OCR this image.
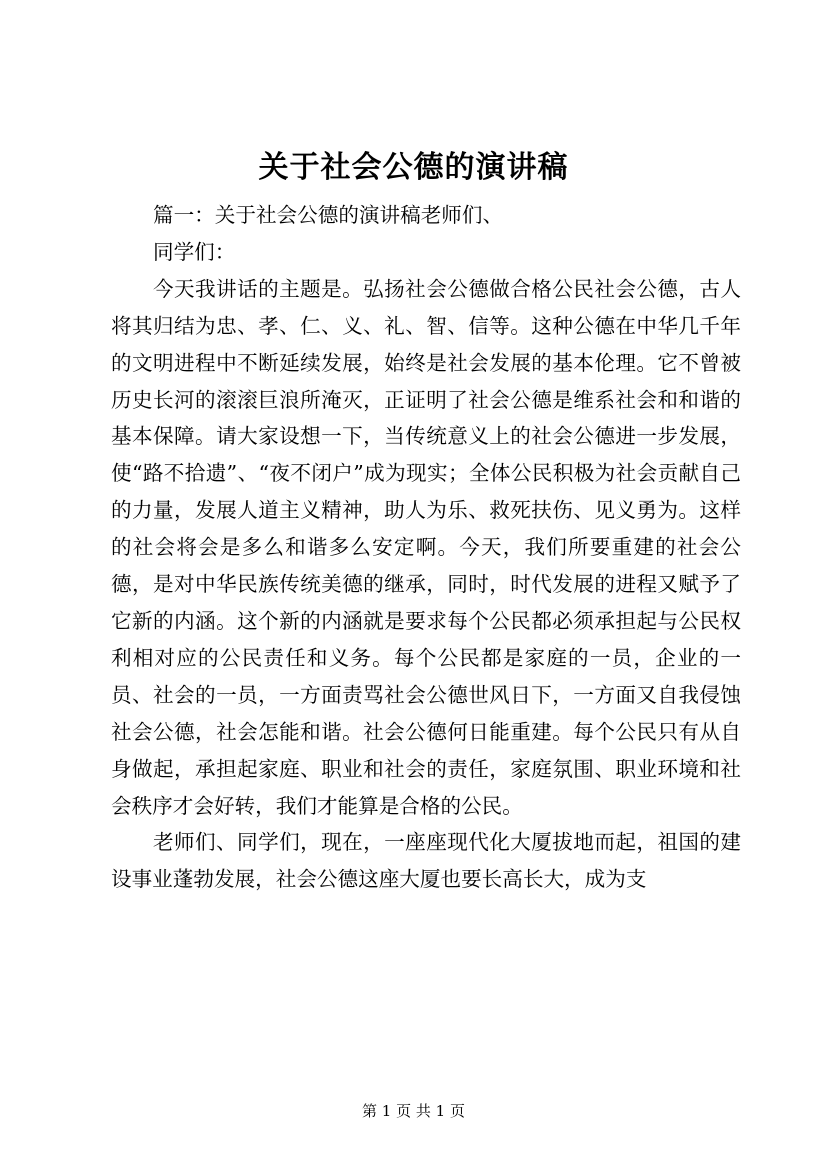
关于社会公德的演讲稿

篇一：关于社会公德的演讲稿老师们、

同学们：

今天我讲话的主题是。弘扬社会公德做合格公民社会公德，古人将其归结为忠、孝、仁、义、礼、智、信等。这种公德在中华几千年的文明进程中不断延续发展，始终是社会发展的基本伦理。它不曾被历史长河的滚滚巨浪所淹灭，正证明了社会公德是维系社会和和谐的基本保障。请大家设想一下，当传统意义上的社会公德进一步发展，使“路不拾遗”、“夜不闭户”成为现实；全体公民积极为社会贡献自己的力量，发展人道主义精神，助人为乐、救死扶伤、见义勇为。这样的社会将会是多么和谐多么安定啊。今天，我们所要重建的社会公德，是对中华民族传统美德的继承，同时，时代发展的进程又赋予了它新的内涵。这个新的内涵就是要求每个公民都必须承担起与公民权利相对应的公民责任和义务。每个公民都是家庭的一员，企业的一员、社会的一员，一方面责骂社会公德世风日下，一方面又自我侵蚀社会公德，社会怎能和谐。社会公德何日能重建。每个公民只有从自身做起，承担起家庭、职业和社会的责任，家庭氛围、职业环境和社会秩序才会好转，我们才能算是合格的公民。

老师们、同学们，现在，一座座现代化大厦拔地而起，祖国的建设事业蓬勃发展，社会公德这座大厦也要长高长大，成为支

第 1 页 共 1 页
